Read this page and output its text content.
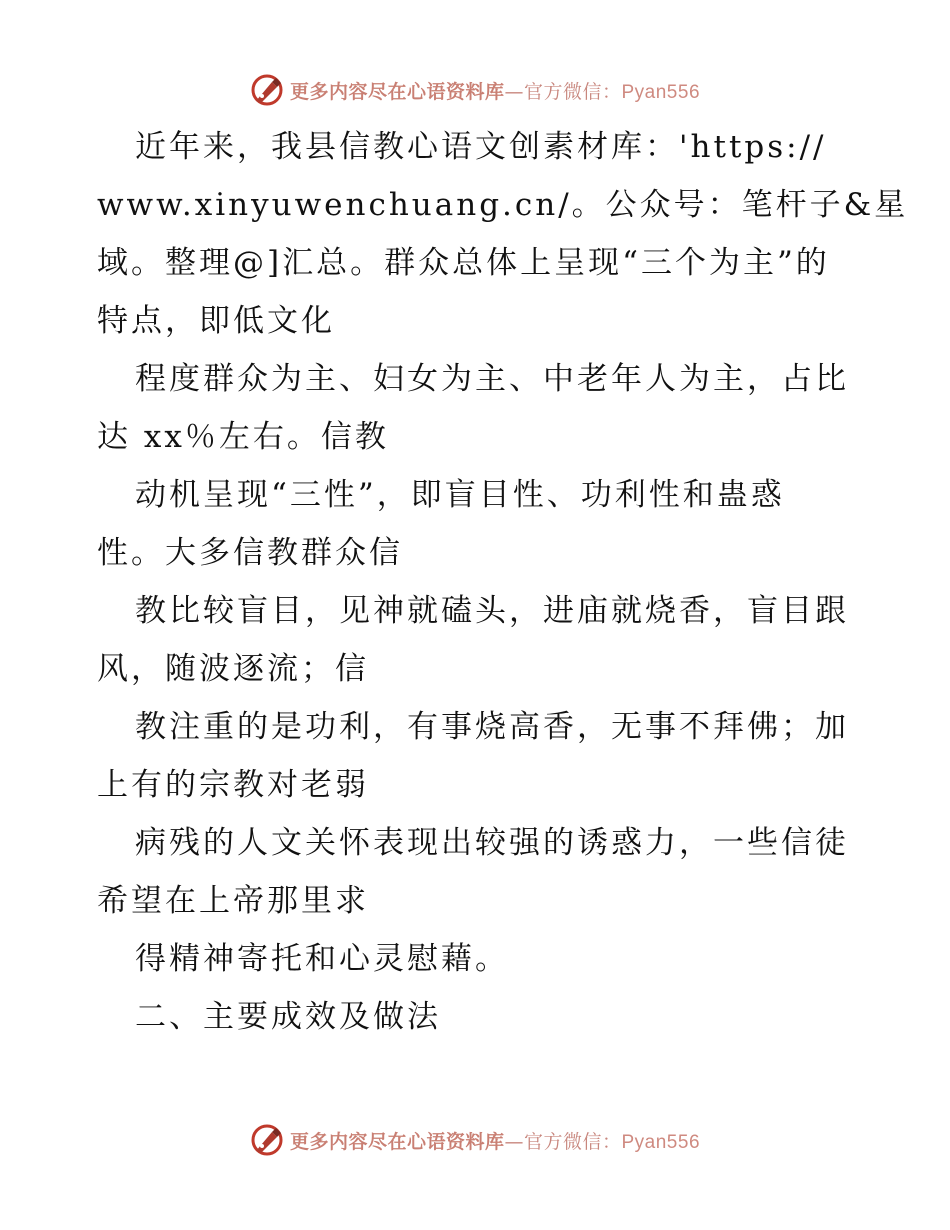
更多内容尽在心语资料库—官方微信：Pyan556
近年来，我县信教心语文创素材库：'https://
www.xinyuwenchuang.cn/。公众号：笔杆子&星
域。整理@]汇总。群众总体上呈现“三个为主”的
特点，即低文化
程度群众为主、妇女为主、中老年人为主，占比
达 xx％左右。信教
动机呈现“三性”，即盲目性、功利性和蛊惑
性。大多信教群众信
教比较盲目，见神就磕头，进庙就烧香，盲目跟
风，随波逐流；信
教注重的是功利，有事烧高香，无事不拜佛；加
上有的宗教对老弱
病残的人文关怀表现出较强的诱惑力，一些信徒
希望在上帝那里求
得精神寄托和心灵慰藉。
二、主要成效及做法
更多内容尽在心语资料库—官方微信：Pyan556
